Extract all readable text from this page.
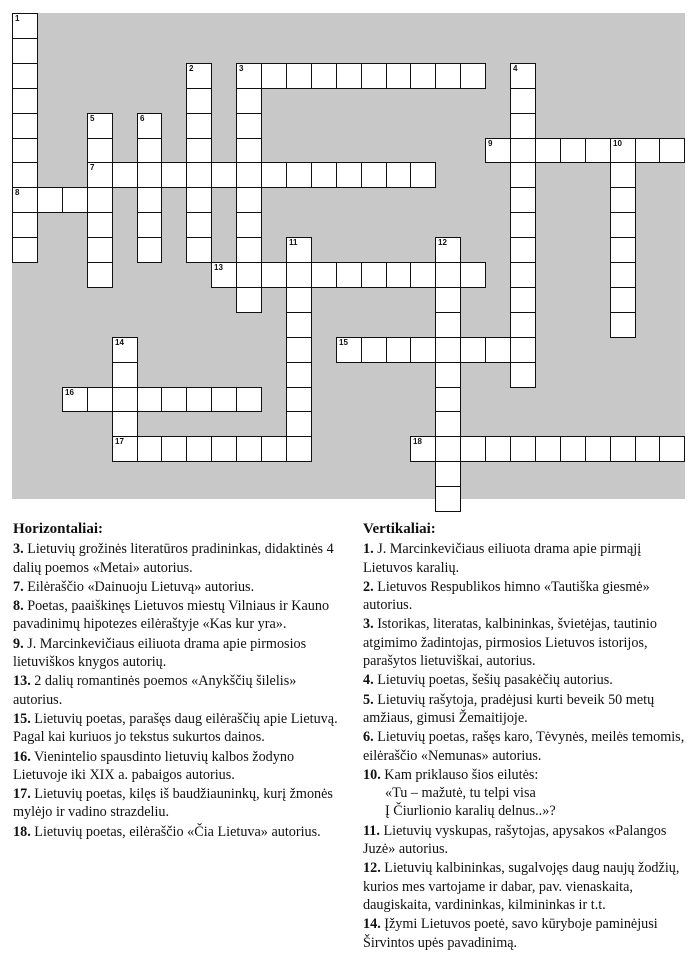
1
8
2	3	4
5
7
6
9	10
11	12
13
14	15
16
17	18
Horizontaliai:
3. Lietuvių grožinės literatūros pradininkas, didaktinės 4 dalių poemos «Metai» autorius.
7. Eilėraščio «Dainuoju Lietuvą» autorius.
8. Poetas, paaiškinęs Lietuvos miestų Vilniaus ir Kauno pavadinimų hipotezes eilėraštyje «Kas kur yra».
9. J. Marcinkevičiaus eiliuota drama apie pirmosios lietuviškos knygos autorių.
13. 2 dalių romantinės poemos «Anykščių šilelis» autorius.
15. Lietuvių poetas, parašęs daug eilėraščių apie Lietuvą. Pagal kai kuriuos jo tekstus sukurtos dainos.
16. Vienintelio spausdinto lietuvių kalbos žodyno Lietuvoje iki XIX a. pabaigos autorius.
17. Lietuvių poetas, kilęs iš baudžiauninkų, kurį žmonės mylėjo ir vadino strazdeliu.
18. Lietuvių poetas, eilėraščio «Čia Lietuva» autorius.
Vertikaliai:
1. J. Marcinkevičiaus eiliuota drama apie pirmąjį Lietuvos karalių.
2. Lietuvos Respublikos himno «Tautiška giesmė» autorius.
3. Istorikas, literatas, kalbininkas, švietėjas, tautinio atgimimo žadintojas, pirmosios Lietuvos istorijos, parašytos lietuviškai, autorius.
4. Lietuvių poetas, šešių pasakėčių autorius.
5. Lietuvių rašytoja, pradėjusi kurti beveik 50 metų amžiaus, gimusi Žemaitijoje.
6. Lietuvių poetas, rašęs karo, Tėvynės, meilės temomis, eilėraščio «Nemunas» autorius.
10. Kam priklauso šios eilutės:
«Tu – mažutė, tu telpi visa
Į Čiurlionio karalių delnus..»?
11. Lietuvių vyskupas, rašytojas, apysakos «Palangos Juzė» autorius.
12. Lietuvių kalbininkas, sugalvojęs daug naujų žodžių, kurios mes vartojame ir dabar, pav. vienaskaita, daugiskaita, vardininkas, kilmininkas ir t.t.
14. Įžymi Lietuvos poetė, savo kūryboje paminėjusi Širvintos upės pavadinimą.
